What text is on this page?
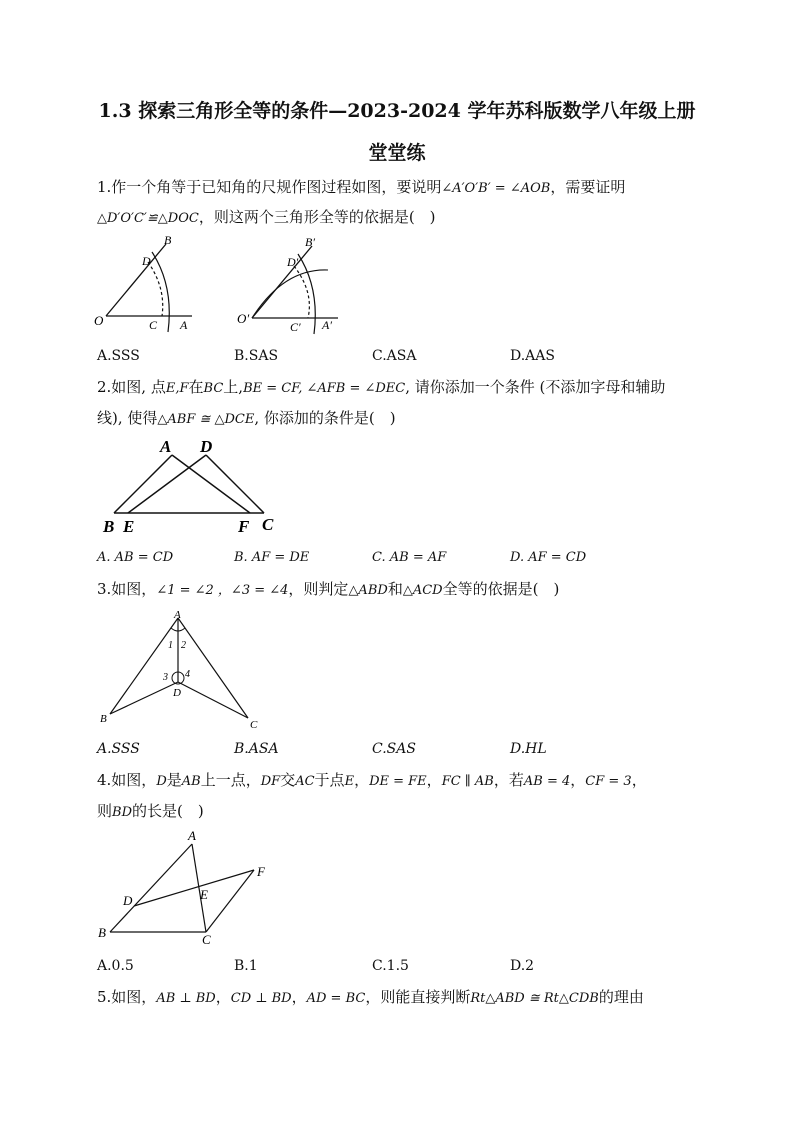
1.3 探索三角形全等的条件—2023-2024 学年苏科版数学八年级上册
堂堂练
1.作一个角等于已知角的尺规作图过程如图，要说明∠A′O′B′ = ∠AOB，需要证明
△D′O′C′≌△DOC，则这两个三角形全等的依据是(　)
B
D
O	C A
B′
D′
O′
C′ A′
A.SSS	B.SAS	C.ASA	D.AAS
2.如图, 点E,F在BC上,BE = CF, ∠AFB = ∠DEC, 请你添加一个条件 (不添加字母和辅助
线), 使得△ABF ≅ △DCE, 你添加的条件是(　)
A D
B E	F C
A. AB = CD	B. AF = DE	C. AB = AF	D. AF = CD
3.如图，∠1 = ∠2 ，∠3 = ∠4，则判定△ABD和△ACD全等的依据是(　)
A
B	C
D
1 2
3 4
A.SSS	B.ASA	C.SAS	D.HL
4.如图，D是AB上一点，DF交AC于点E，DE = FE，FC ∥ AB，若AB = 4，CF = 3，
则BD的长是(　)
A
B	C
D	E
F
A.0.5	B.1	C.1.5	D.2
5.如图，AB ⊥ BD，CD ⊥ BD，AD = BC，则能直接判断Rt△ABD ≅ Rt△CDB的理由
